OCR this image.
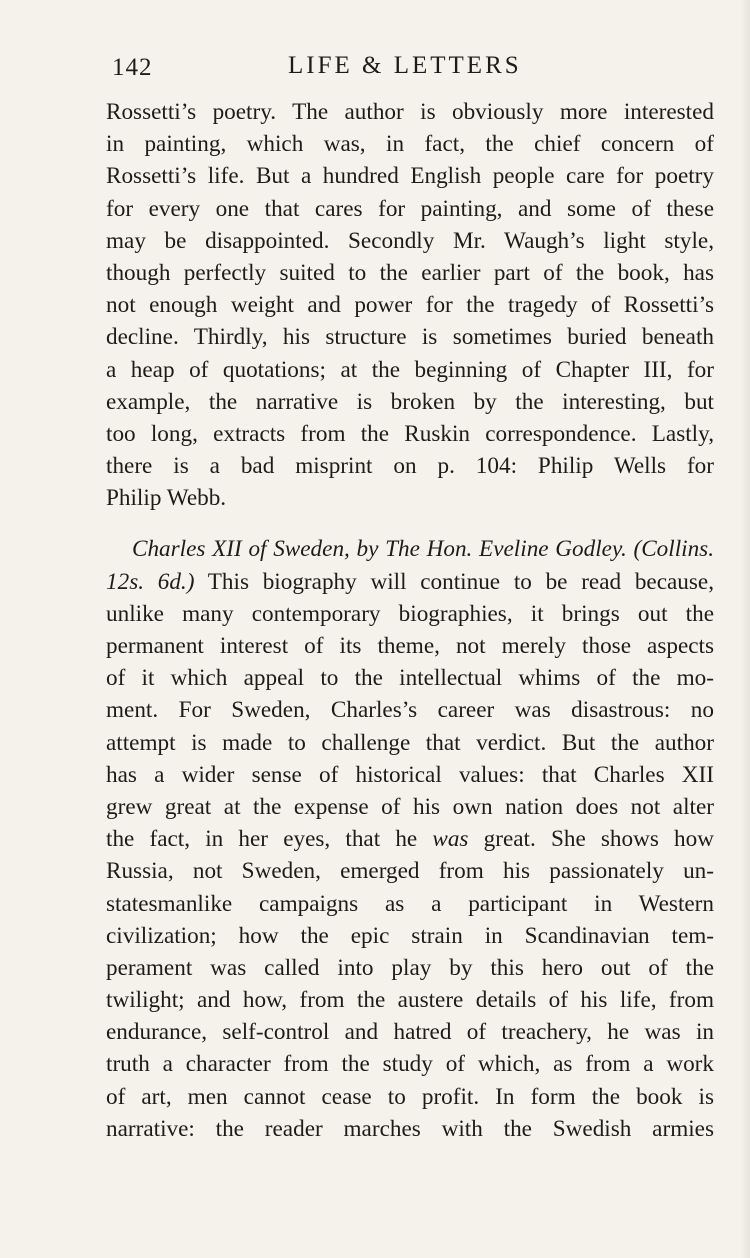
142	LIFE & LETTERS
Rossetti’s poetry. The author is obviously more interested
in painting, which was, in fact, the chief concern of
Rossetti’s life. But a hundred English people care for poetry
for every one that cares for painting, and some of these
may be disappointed. Secondly Mr. Waugh’s light style,
though perfectly suited to the earlier part of the book, has
not enough weight and power for the tragedy of Rossetti’s
decline. Thirdly, his structure is sometimes buried beneath
a heap of quotations; at the beginning of Chapter III, for
example, the narrative is broken by the interesting, but
too long, extracts from the Ruskin correspondence. Lastly,
there is a bad misprint on p. 104: Philip Wells for
Philip Webb.
Charles XII of Sweden, by The Hon. Eveline Godley. (Collins.
12s. 6d.) This biography will continue to be read because,
unlike many contemporary biographies, it brings out the
permanent interest of its theme, not merely those aspects
of it which appeal to the intellectual whims of the mo-
ment. For Sweden, Charles’s career was disastrous: no
attempt is made to challenge that verdict. But the author
has a wider sense of historical values: that Charles XII
grew great at the expense of his own nation does not alter
the fact, in her eyes, that he was great. She shows how
Russia, not Sweden, emerged from his passionately un-
statesmanlike campaigns as a participant in Western
civilization; how the epic strain in Scandinavian tem-
perament was called into play by this hero out of the
twilight; and how, from the austere details of his life, from
endurance, self-control and hatred of treachery, he was in
truth a character from the study of which, as from a work
of art, men cannot cease to profit. In form the book is
narrative: the reader marches with the Swedish armies
